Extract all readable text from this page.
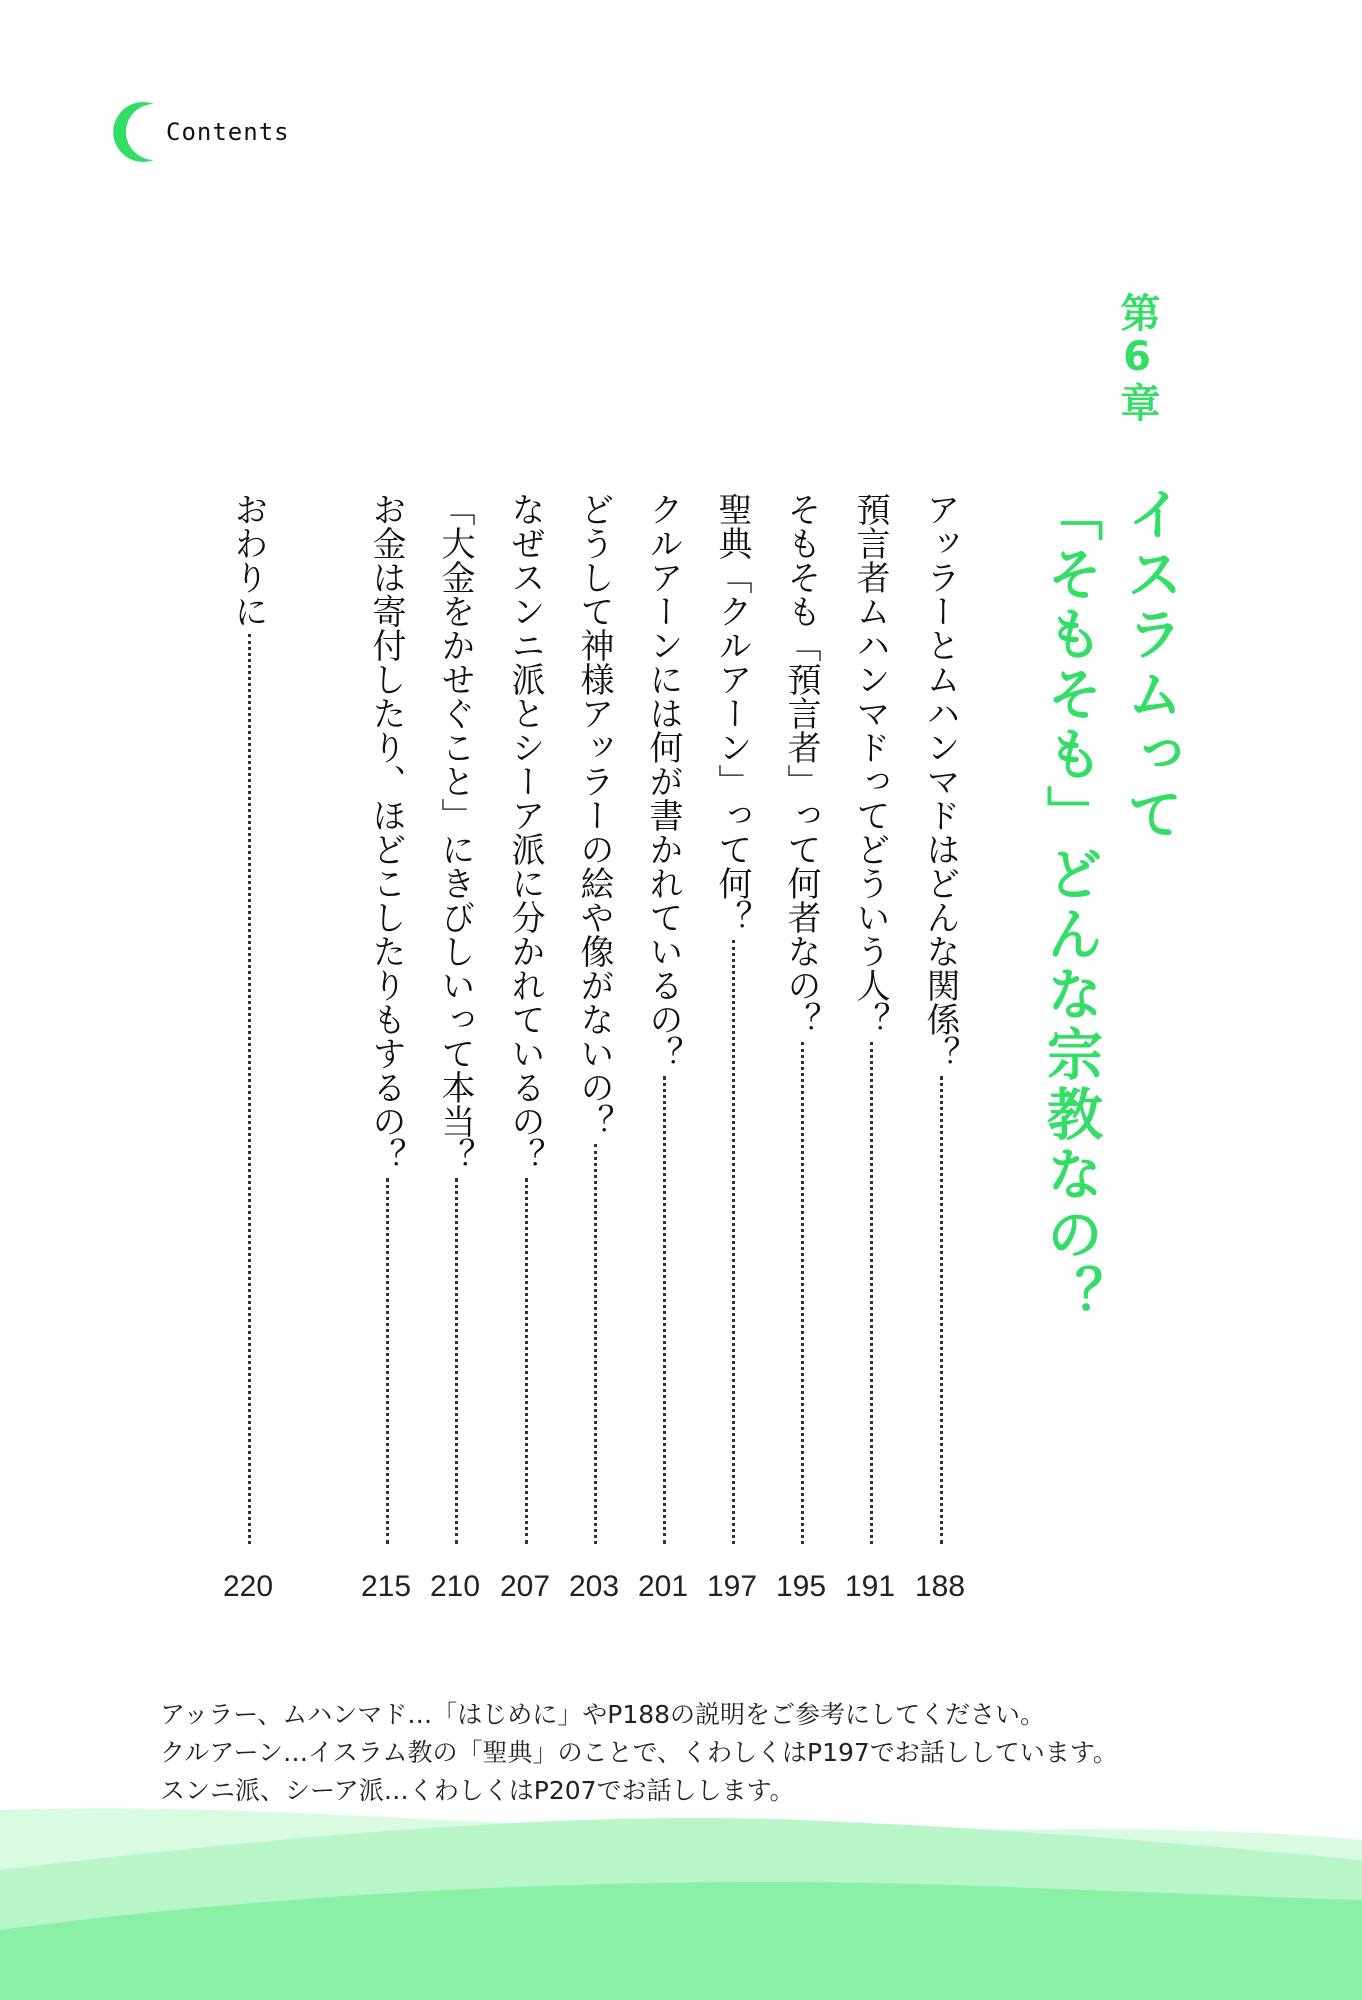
Contents
第6章
イスラムって
「そもそも」どんな宗教なの？
アッラーとムハンマドはどんな関係？
188
預言者ムハンマドってどういう人？
191
そもそも「預言者」って何者なの？
195
聖典「クルアーン」って何？
197
クルアーンには何が書かれているの？
201
どうして神様アッラーの絵や像がないの？
203
なぜスンニ派とシーア派に分かれているの？
207
「大金をかせぐこと」にきびしいって本当？
210
お金は寄付したり、ほどこしたりもするの？
215
おわりに
220
アッラー、ムハンマド…「はじめに」やP188の説明をご参考にしてください。
クルアーン…イスラム教の「聖典」のことで、くわしくはP197でお話ししています。
スンニ派、シーア派…くわしくはP207でお話しします。
